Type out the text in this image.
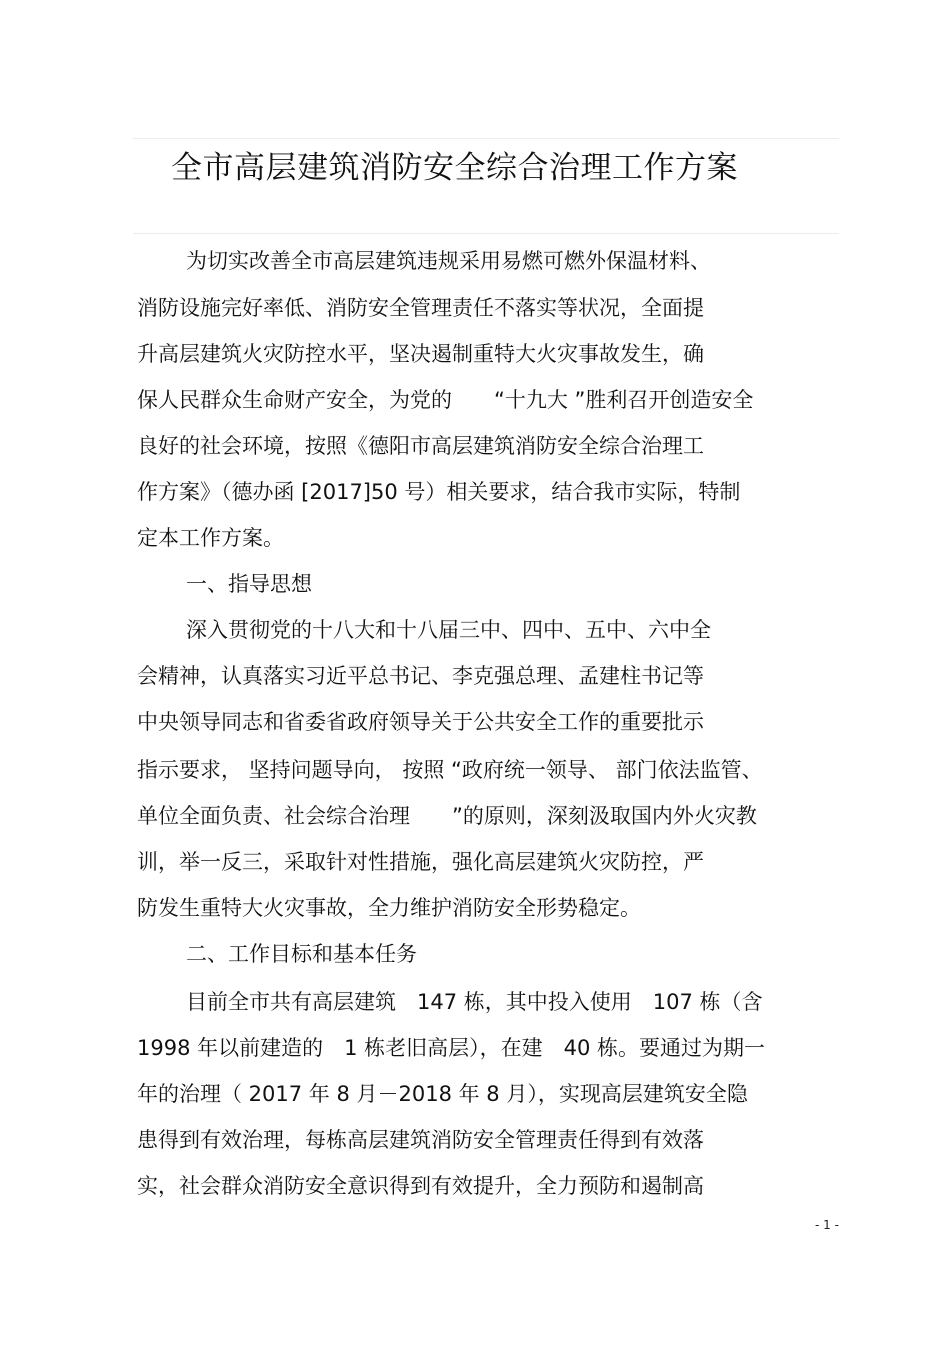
全市高层建筑消防安全综合治理工作方案
为切实改善全市高层建筑违规采用易燃可燃外保温材料、
消防设施完好率低、消防安全管理责任不落实等状况，全面提
升高层建筑火灾防控水平，坚决遏制重特大火灾事故发生，确
保人民群众生命财产安全，为党的　　“十九大 ”胜利召开创造安全
良好的社会环境，按照《德阳市高层建筑消防安全综合治理工
作方案》（德办函 [2017]50 号）相关要求，结合我市实际，特制
定本工作方案。
一、指导思想
深入贯彻党的十八大和十八届三中、四中、五中、六中全
会精神，认真落实习近平总书记、李克强总理、孟建柱书记等
中央领导同志和省委省政府领导关于公共安全工作的重要批示
指示要求， 坚持问题导向， 按照 “政府统一领导、 部门依法监管、
单位全面负责、社会综合治理　　”的原则，深刻汲取国内外火灾教
训，举一反三，采取针对性措施，强化高层建筑火灾防控，严
防发生重特大火灾事故，全力维护消防安全形势稳定。
二、工作目标和基本任务
目前全市共有高层建筑　147 栋，其中投入使用　107 栋（含
1998 年以前建造的　1 栋老旧高层），在建　40 栋。要通过为期一
年的治理（ 2017 年 8 月－2018 年 8 月），实现高层建筑安全隐
患得到有效治理，每栋高层建筑消防安全管理责任得到有效落
实，社会群众消防安全意识得到有效提升，全力预防和遏制高
- 1 -
